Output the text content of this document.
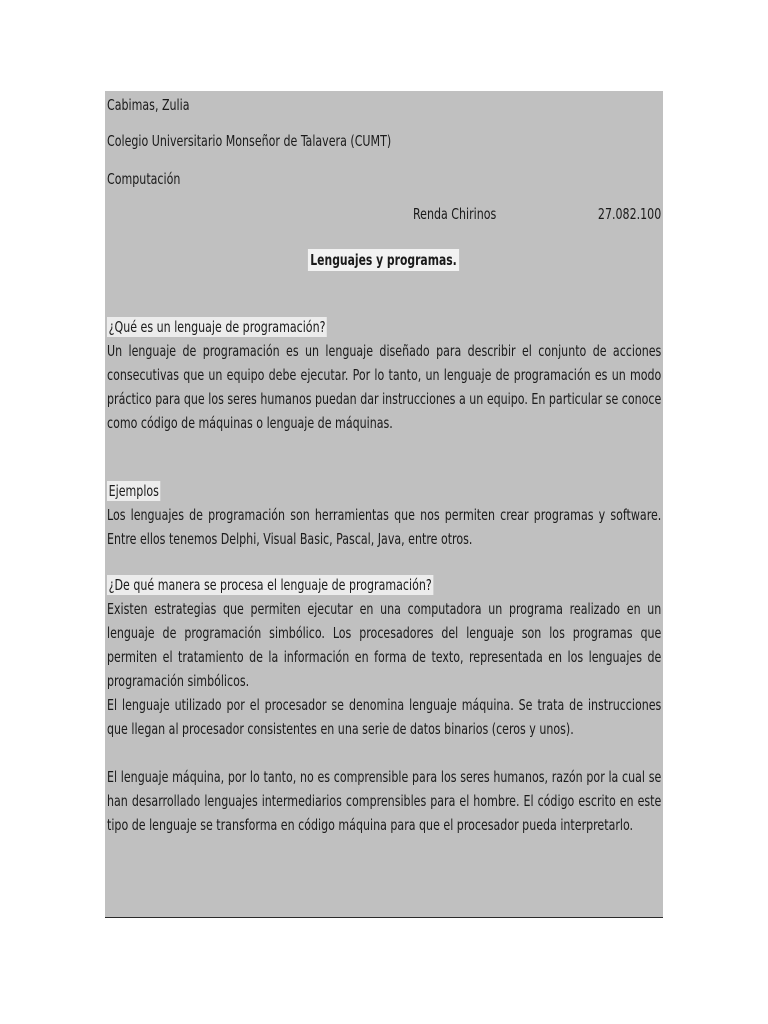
Cabimas, Zulia
Colegio Universitario Monseñor de Talavera (CUMT)
Computación
Renda Chirinos	27.082.100
Lenguajes y programas.
¿Qué es un lenguaje de programación?
Un lenguaje de programación es un lenguaje diseñado para describir el conjunto de acciones consecutivas que un equipo debe ejecutar. Por lo tanto, un lenguaje de programación es un modo práctico para que los seres humanos puedan dar instrucciones a un equipo. En particular se conoce como código de máquinas o lenguaje de máquinas.
Ejemplos
Los lenguajes de programación son herramientas que nos permiten crear programas y software. Entre ellos tenemos Delphi, Visual Basic, Pascal, Java, entre otros.
¿De qué manera se procesa el lenguaje de programación?
Existen estrategias que permiten ejecutar en una computadora un programa realizado en un lenguaje de programación simbólico. Los procesadores del lenguaje son los programas que permiten el tratamiento de la información en forma de texto, representada en los lenguajes de programación simbólicos.
El lenguaje utilizado por el procesador se denomina lenguaje máquina. Se trata de instrucciones que llegan al procesador consistentes en una serie de datos binarios (ceros y unos).
El lenguaje máquina, por lo tanto, no es comprensible para los seres humanos, razón por la cual se han desarrollado lenguajes intermediarios comprensibles para el hombre. El código escrito en este tipo de lenguaje se transforma en código máquina para que el procesador pueda interpretarlo.
